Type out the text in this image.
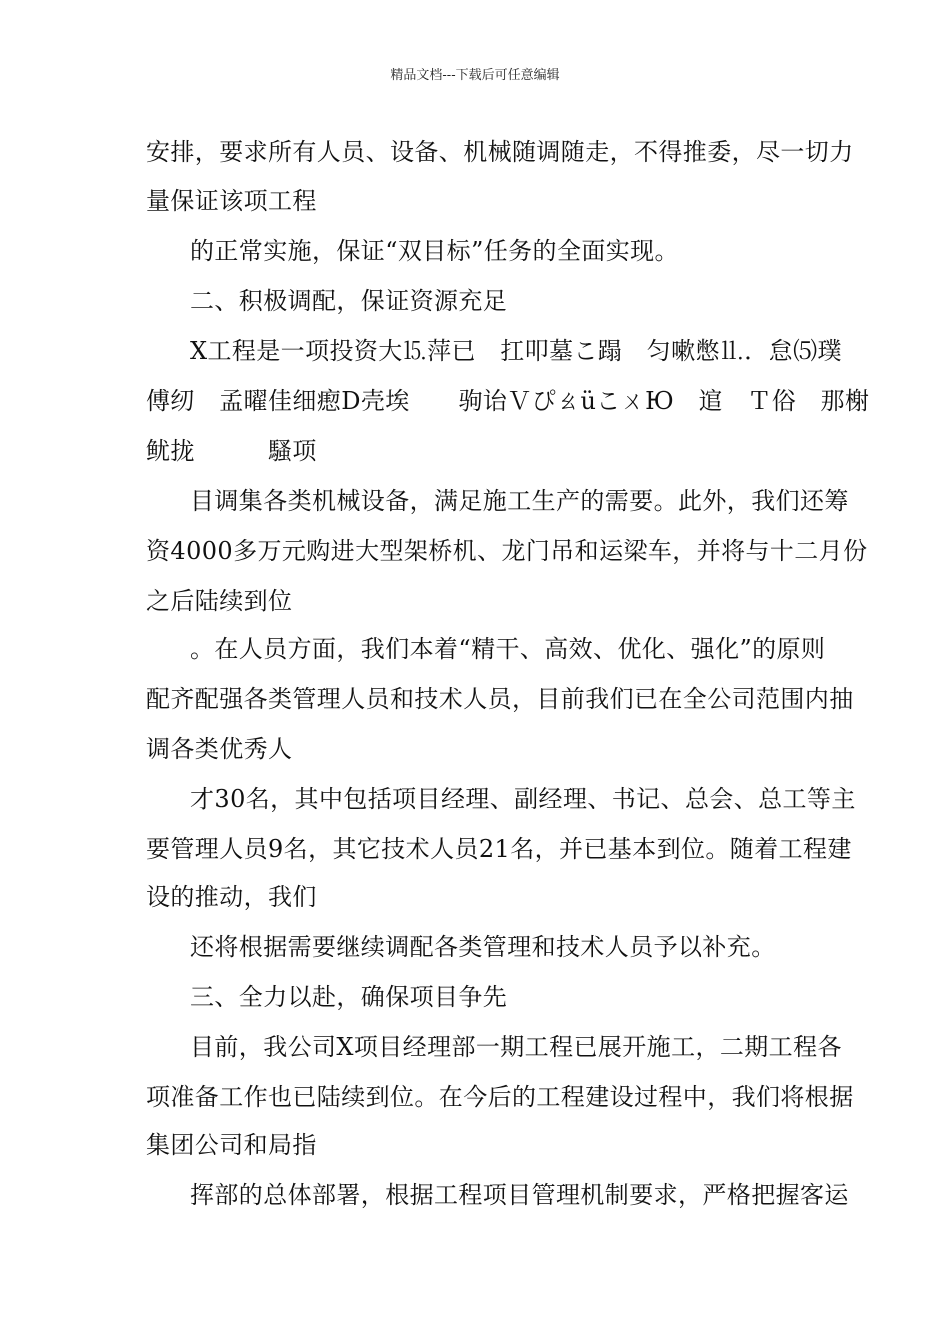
精品文档---下载后可任意编辑
安排，要求所有人员、设备、机械随调随走，不得推委，尽一切力
量保证该项工程
的正常实施，保证“双目标”任务的全面实现。
二、积极调配，保证资源充足
X工程是一项投资大⒖萍已　扛叩墓こ蹋　匀嗽憋⒒．怠⑸璞
傅纫　孟曜佳细瘛D壳埃　　驹诒ＶぴㄠüこㄨЮ　逭　Ｔ俗　那榭
鱿拢　　　騷项
目调集各类机械设备，满足施工生产的需要。此外，我们还筹
资4000多万元购进大型架桥机、龙门吊和运梁车，并将与十二月份
之后陆续到位
。在人员方面，我们本着“精干、高效、优化、强化”的原则
配齐配强各类管理人员和技术人员，目前我们已在全公司范围内抽
调各类优秀人
才30名，其中包括项目经理、副经理、书记、总会、总工等主
要管理人员9名，其它技术人员21名，并已基本到位。随着工程建
设的推动，我们
还将根据需要继续调配各类管理和技术人员予以补充。
三、全力以赴，确保项目争先
目前，我公司X项目经理部一期工程已展开施工，二期工程各
项准备工作也已陆续到位。在今后的工程建设过程中，我们将根据
集团公司和局指
挥部的总体部署，根据工程项目管理机制要求，严格把握客运
